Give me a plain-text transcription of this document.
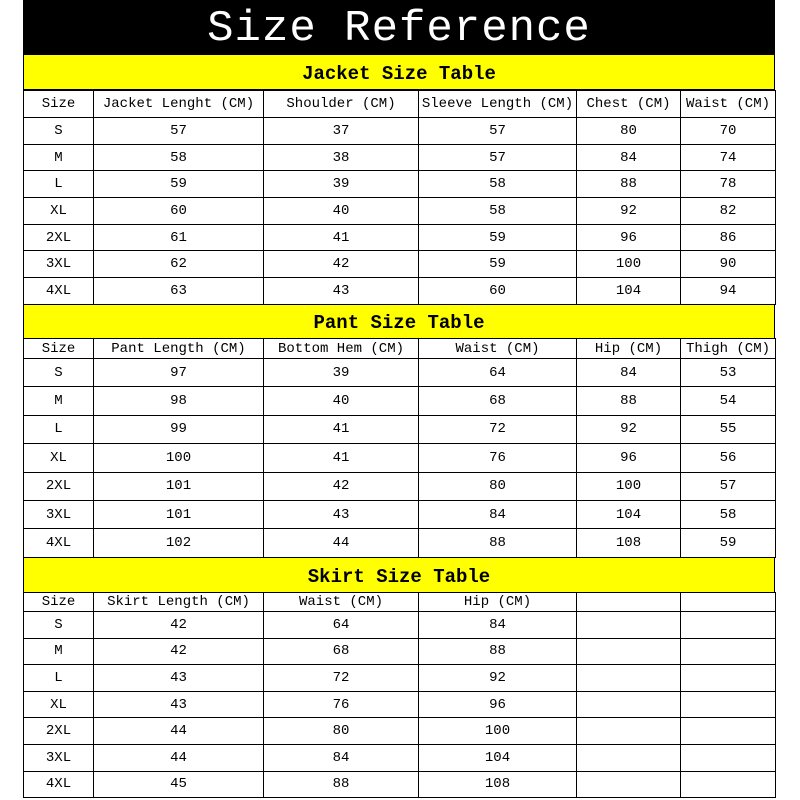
Size Reference
Jacket Size Table
Size	Jacket Lenght (CM)	Shoulder (CM)	Sleeve Length (CM)	Chest (CM)	Waist (CM)
S	57	37	57	80	70
M	58	38	57	84	74
L	59	39	58	88	78
XL	60	40	58	92	82
2XL	61	41	59	96	86
3XL	62	42	59	100	90
4XL	63	43	60	104	94
Pant Size Table
Size	Pant Length (CM)	Bottom Hem (CM)	Waist (CM)	Hip (CM)	Thigh (CM)
S	97	39	64	84	53
M	98	40	68	88	54
L	99	41	72	92	55
XL	100	41	76	96	56
2XL	101	42	80	100	57
3XL	101	43	84	104	58
4XL	102	44	88	108	59
Skirt Size Table
Size	Skirt Length (CM)	Waist (CM)	Hip (CM)		
S	42	64	84		
M	42	68	88		
L	43	72	92		
XL	43	76	96		
2XL	44	80	100		
3XL	44	84	104		
4XL	45	88	108		
